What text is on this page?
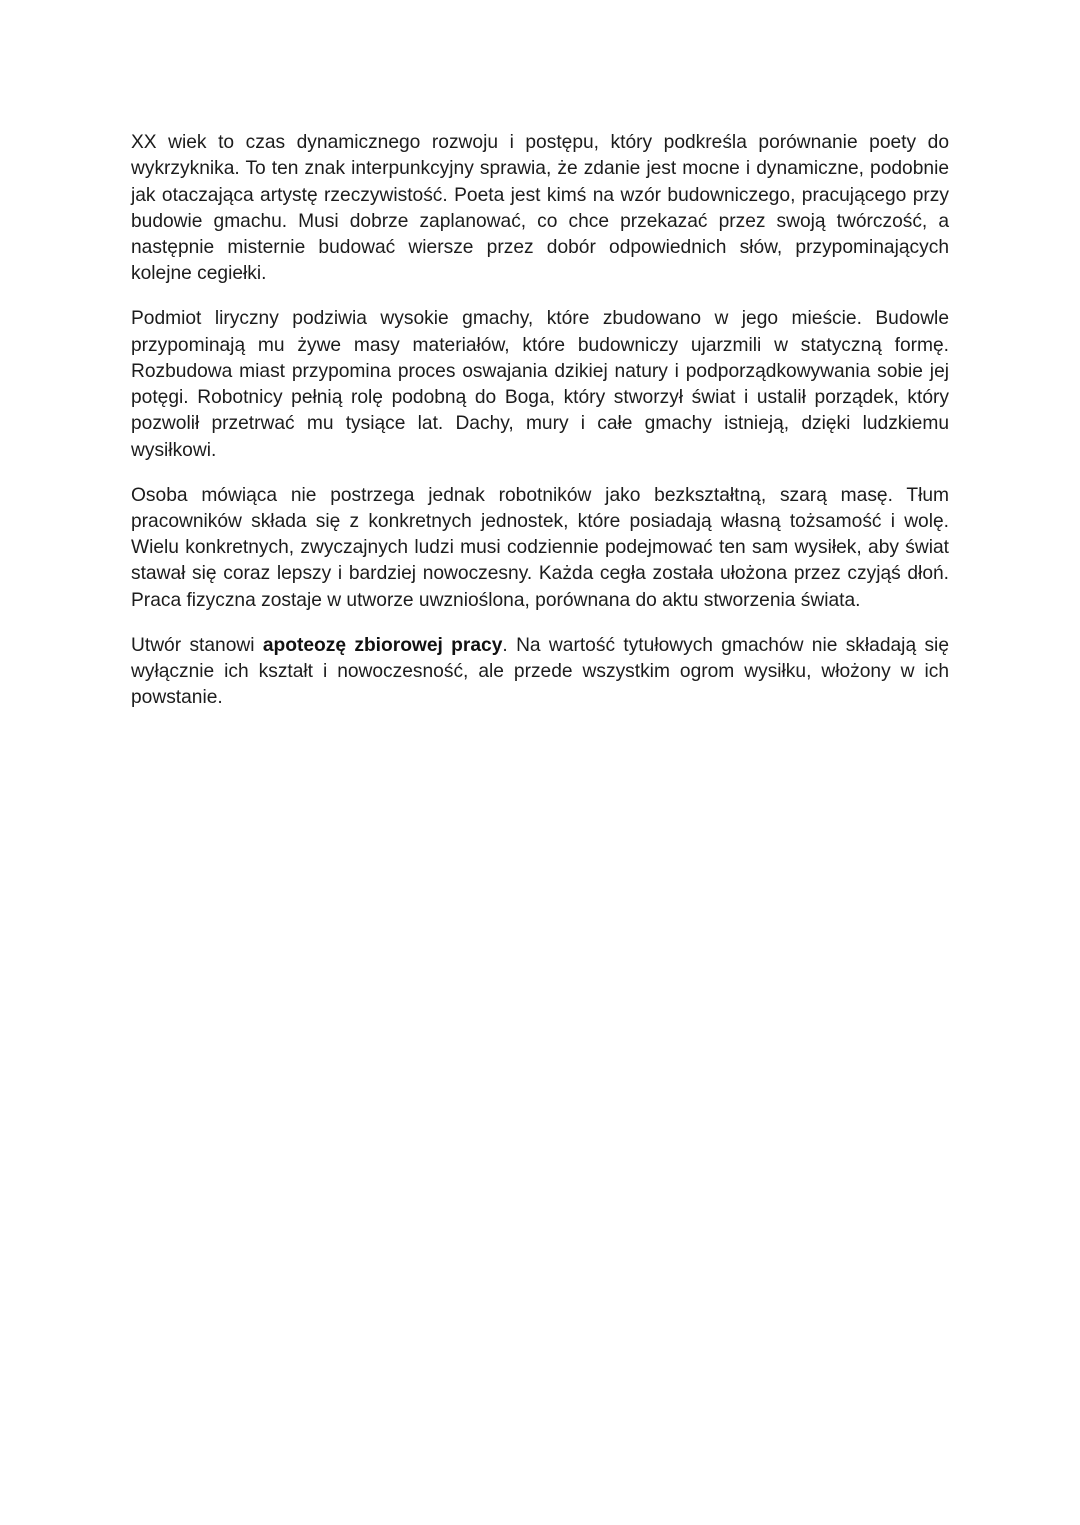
XX wiek to czas dynamicznego rozwoju i postępu, który podkreśla porównanie poety do wykrzyknika. To ten znak interpunkcyjny sprawia, że zdanie jest mocne i dynamiczne, podobnie jak otaczająca artystę rzeczywistość. Poeta jest kimś na wzór budowniczego, pracującego przy budowie gmachu. Musi dobrze zaplanować, co chce przekazać przez swoją twórczość, a następnie misternie budować wiersze przez dobór odpowiednich słów, przypominających kolejne cegiełki.

Podmiot liryczny podziwia wysokie gmachy, które zbudowano w jego mieście. Budowle przypominają mu żywe masy materiałów, które budowniczy ujarzmili w statyczną formę. Rozbudowa miast przypomina proces oswajania dzikiej natury i podporządkowywania sobie jej potęgi. Robotnicy pełnią rolę podobną do Boga, który stworzył świat i ustalił porządek, który pozwolił przetrwać mu tysiące lat. Dachy, mury i całe gmachy istnieją, dzięki ludzkiemu wysiłkowi.

Osoba mówiąca nie postrzega jednak robotników jako bezkształtną, szarą masę. Tłum pracowników składa się z konkretnych jednostek, które posiadają własną tożsamość i wolę. Wielu konkretnych, zwyczajnych ludzi musi codziennie podejmować ten sam wysiłek, aby świat stawał się coraz lepszy i bardziej nowoczesny. Każda cegła została ułożona przez czyjąś dłoń. Praca fizyczna zostaje w utworze uwznioślona, porównana do aktu stworzenia świata.

Utwór stanowi apoteozę zbiorowej pracy. Na wartość tytułowych gmachów nie składają się wyłącznie ich kształt i nowoczesność, ale przede wszystkim ogrom wysiłku, włożony w ich powstanie.
